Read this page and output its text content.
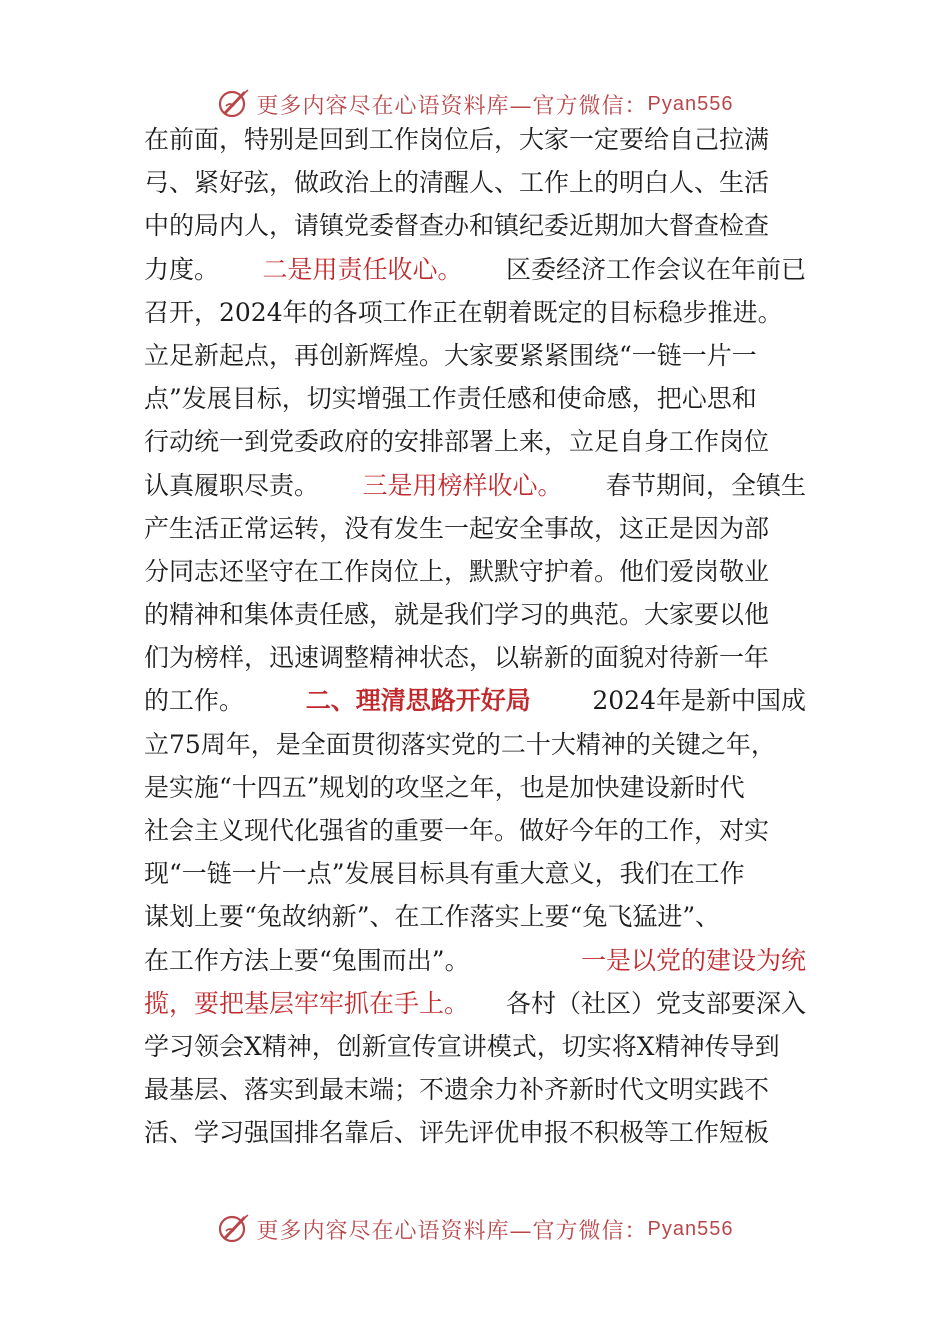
更多内容尽在心语资料库—官方微信： Pyan556
在前面，特别是回到工作岗位后，大家一定要给自己拉满
弓、紧好弦，做政治上的清醒人、工作上的明白人、生活
中的局内人，请镇党委督查办和镇纪委近期加大督查检查
力度。 二是用责任收心。 区委经济工作会议在年前已
召开，2024年的各项工作正在朝着既定的目标稳步推进。
立足新起点，再创新辉煌。大家要紧紧围绕“一链一片一
点”发展目标，切实增强工作责任感和使命感，把心思和
行动统一到党委政府的安排部署上来，立足自身工作岗位
认真履职尽责。 三是用榜样收心。 春节期间，全镇生
产生活正常运转，没有发生一起安全事故，这正是因为部
分同志还坚守在工作岗位上，默默守护着。他们爱岗敬业
的精神和集体责任感，就是我们学习的典范。大家要以他
们为榜样，迅速调整精神状态，以崭新的面貌对待新一年
的工作。 二、理清思路开好局 2024年是新中国成
立75周年，是全面贯彻落实党的二十大精神的关键之年，
是实施“十四五”规划的攻坚之年，也是加快建设新时代
社会主义现代化强省的重要一年。做好今年的工作，对实
现“一链一片一点”发展目标具有重大意义，我们在工作
谋划上要“兔故纳新”、在工作落实上要“兔飞猛进”、
在工作方法上要“兔围而出”。	一是以党的建设为统
揽，要把基层牢牢抓在手上。 各村（社区）党支部要深入
学习领会X精神，创新宣传宣讲模式，切实将X精神传导到
最基层、落实到最末端；不遗余力补齐新时代文明实践不
活、学习强国排名靠后、评先评优申报不积极等工作短板
更多内容尽在心语资料库—官方微信： Pyan556
